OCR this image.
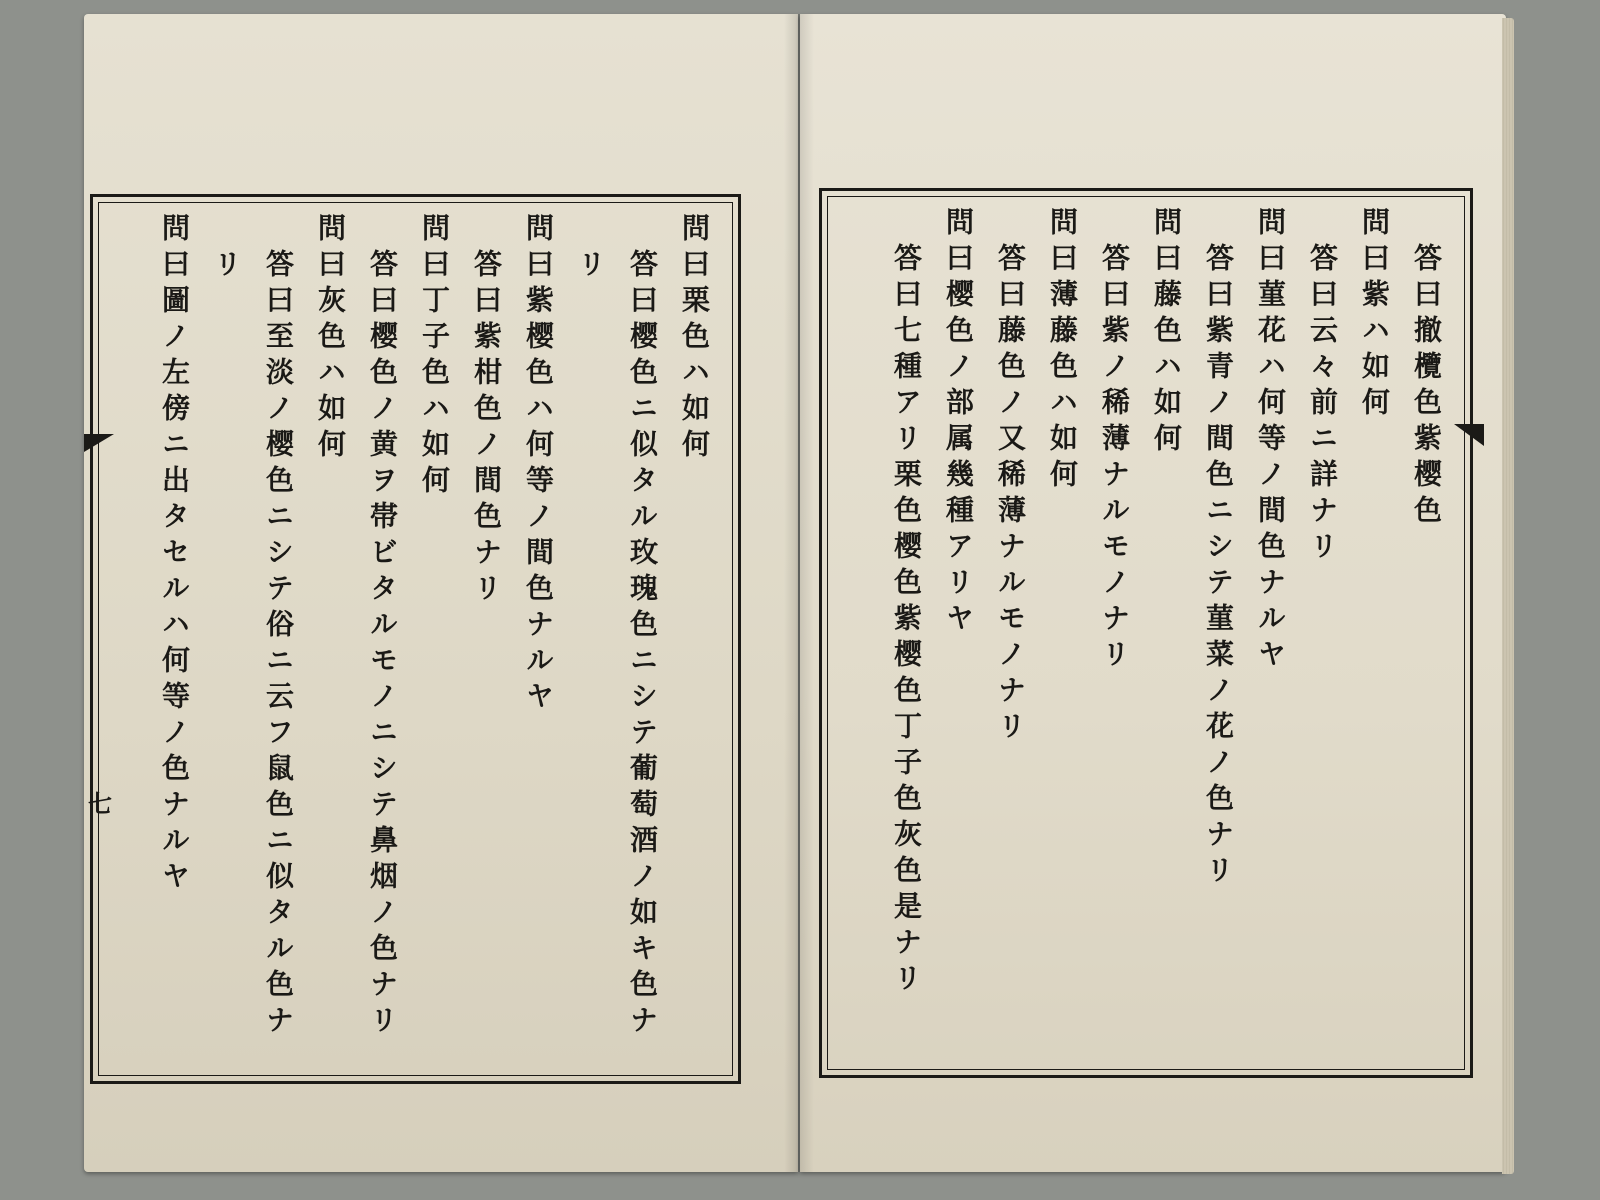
七
問曰栗色ハ如何
答曰樱色ニ似タル玫瑰色ニシテ葡萄酒ノ如キ色ナ
リ
問曰紫樱色ハ何等ノ間色ナルヤ
答曰紫柑色ノ間色ナリ
問曰丁子色ハ如何
答曰樱色ノ黄ヲ帯ビタルモノニシテ鼻烟ノ色ナリ
問曰灰色ハ如何
答曰至淡ノ樱色ニシテ俗ニ云フ鼠色ニ似タル色ナ
リ
問曰圖ノ左傍ニ出タセルハ何等ノ色ナルヤ	答曰撤欖色紫樱色
問曰紫ハ如何
答曰云々前ニ詳ナリ
問曰菫花ハ何等ノ間色ナルヤ
答曰紫青ノ間色ニシテ菫菜ノ花ノ色ナリ
問曰藤色ハ如何
答曰紫ノ稀薄ナルモノナリ
問曰薄藤色ハ如何
答曰藤色ノ又稀薄ナルモノナリ
問曰樱色ノ部属幾種アリヤ
答曰七種アリ栗色樱色紫樱色丁子色灰色是ナリ
